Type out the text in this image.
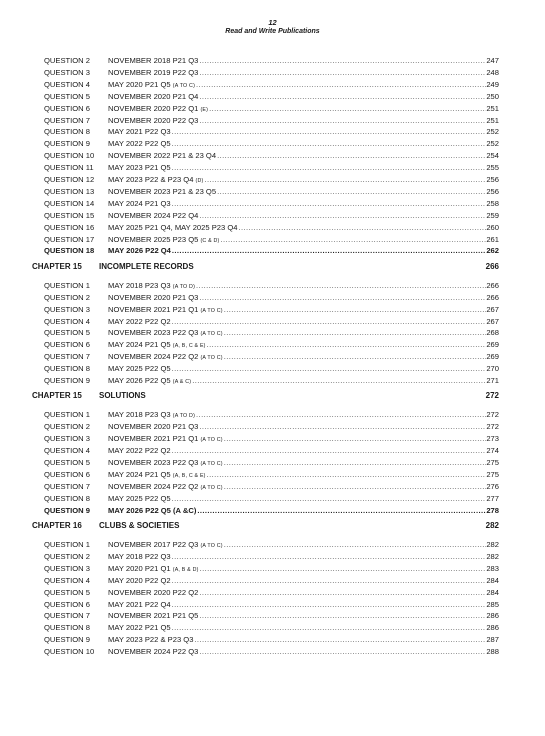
12
Read and Write Publications
QUESTION 2 NOVEMBER 2018 P21 Q3 .....	247
QUESTION 3 NOVEMBER 2019 P22 Q3 .....	248
QUESTION 4 MAY 2020 P21 Q5 (A TO C) .....	249
QUESTION 5 NOVEMBER 2020 P21 Q4 .....	250
QUESTION 6 NOVEMBER 2020 P22 Q1 (E) .....	251
QUESTION 7 NOVEMBER 2020 P22 Q3 .....	251
QUESTION 8 MAY 2021 P22 Q3 .....	252
QUESTION 9 MAY 2022 P22 Q5 .....	252
QUESTION 10 NOVEMBER 2022 P21 & 23 Q4 .....	254
QUESTION 11 MAY 2023 P21 Q5 .....	255
QUESTION 12 MAY 2023 P22 & P23 Q4 (D) .....	256
QUESTION 13 NOVEMBER 2023 P21 & 23 Q5 .....	256
QUESTION 14 MAY 2024 P21 Q3 .....	258
QUESTION 15 NOVEMBER 2024 P22 Q4 .....	259
QUESTION 16 MAY 2025 P21 Q4, MAY 2025 P23 Q4 .....	260
QUESTION 17 NOVEMBER 2025 P23 Q5 (C & D) .....	261
QUESTION 18 MAY 2026 P22 Q4 .....	262
CHAPTER 15 INCOMPLETE RECORDS	266
QUESTION 1 MAY 2018 P23 Q3 (A TO D) .....	266
QUESTION 2 NOVEMBER 2020 P21 Q3 .....	266
QUESTION 3 NOVEMBER 2021 P21 Q1 (A TO C) .....	267
QUESTION 4 MAY 2022 P22 Q2 .....	267
QUESTION 5 NOVEMBER 2023 P22 Q3 (A TO C) .....	268
QUESTION 6 MAY 2024 P21 Q5 (A, B, C & E) .....	269
QUESTION 7 NOVEMBER 2024 P22 Q2 (A TO C) .....	269
QUESTION 8 MAY 2025 P22 Q5 .....	270
QUESTION 9 MAY 2026 P22 Q5 (A & C) .....	271
CHAPTER 15 SOLUTIONS	272
QUESTION 1 MAY 2018 P23 Q3 (A TO D) .....	272
QUESTION 2 NOVEMBER 2020 P21 Q3 .....	272
QUESTION 3 NOVEMBER 2021 P21 Q1 (A TO C) .....	273
QUESTION 4 MAY 2022 P22 Q2 .....	274
QUESTION 5 NOVEMBER 2023 P22 Q3 (A TO C) .....	275
QUESTION 6 MAY 2024 P21 Q5 (A, B, C & E) .....	275
QUESTION 7 NOVEMBER 2024 P22 Q2 (A TO C) .....	276
QUESTION 8 MAY 2025 P22 Q5 .....	277
QUESTION 9 MAY 2026 P22 Q5 (A &C) .....	278
CHAPTER 16 CLUBS & SOCIETIES	282
QUESTION 1 NOVEMBER 2017 P22 Q3 (A TO C) .....	282
QUESTION 2 MAY 2018 P22 Q3 .....	282
QUESTION 3 MAY 2020 P21 Q1 (A, B & D) .....	283
QUESTION 4 MAY 2020 P22 Q2 .....	284
QUESTION 5 NOVEMBER 2020 P22 Q2 .....	284
QUESTION 6 MAY 2021 P22 Q4 .....	285
QUESTION 7 NOVEMBER 2021 P21 Q5 .....	286
QUESTION 8 MAY 2022 P21 Q5 .....	286
QUESTION 9 MAY 2023 P22 & P23 Q3 .....	287
QUESTION 10 NOVEMBER 2024 P22 Q3 .....	288
